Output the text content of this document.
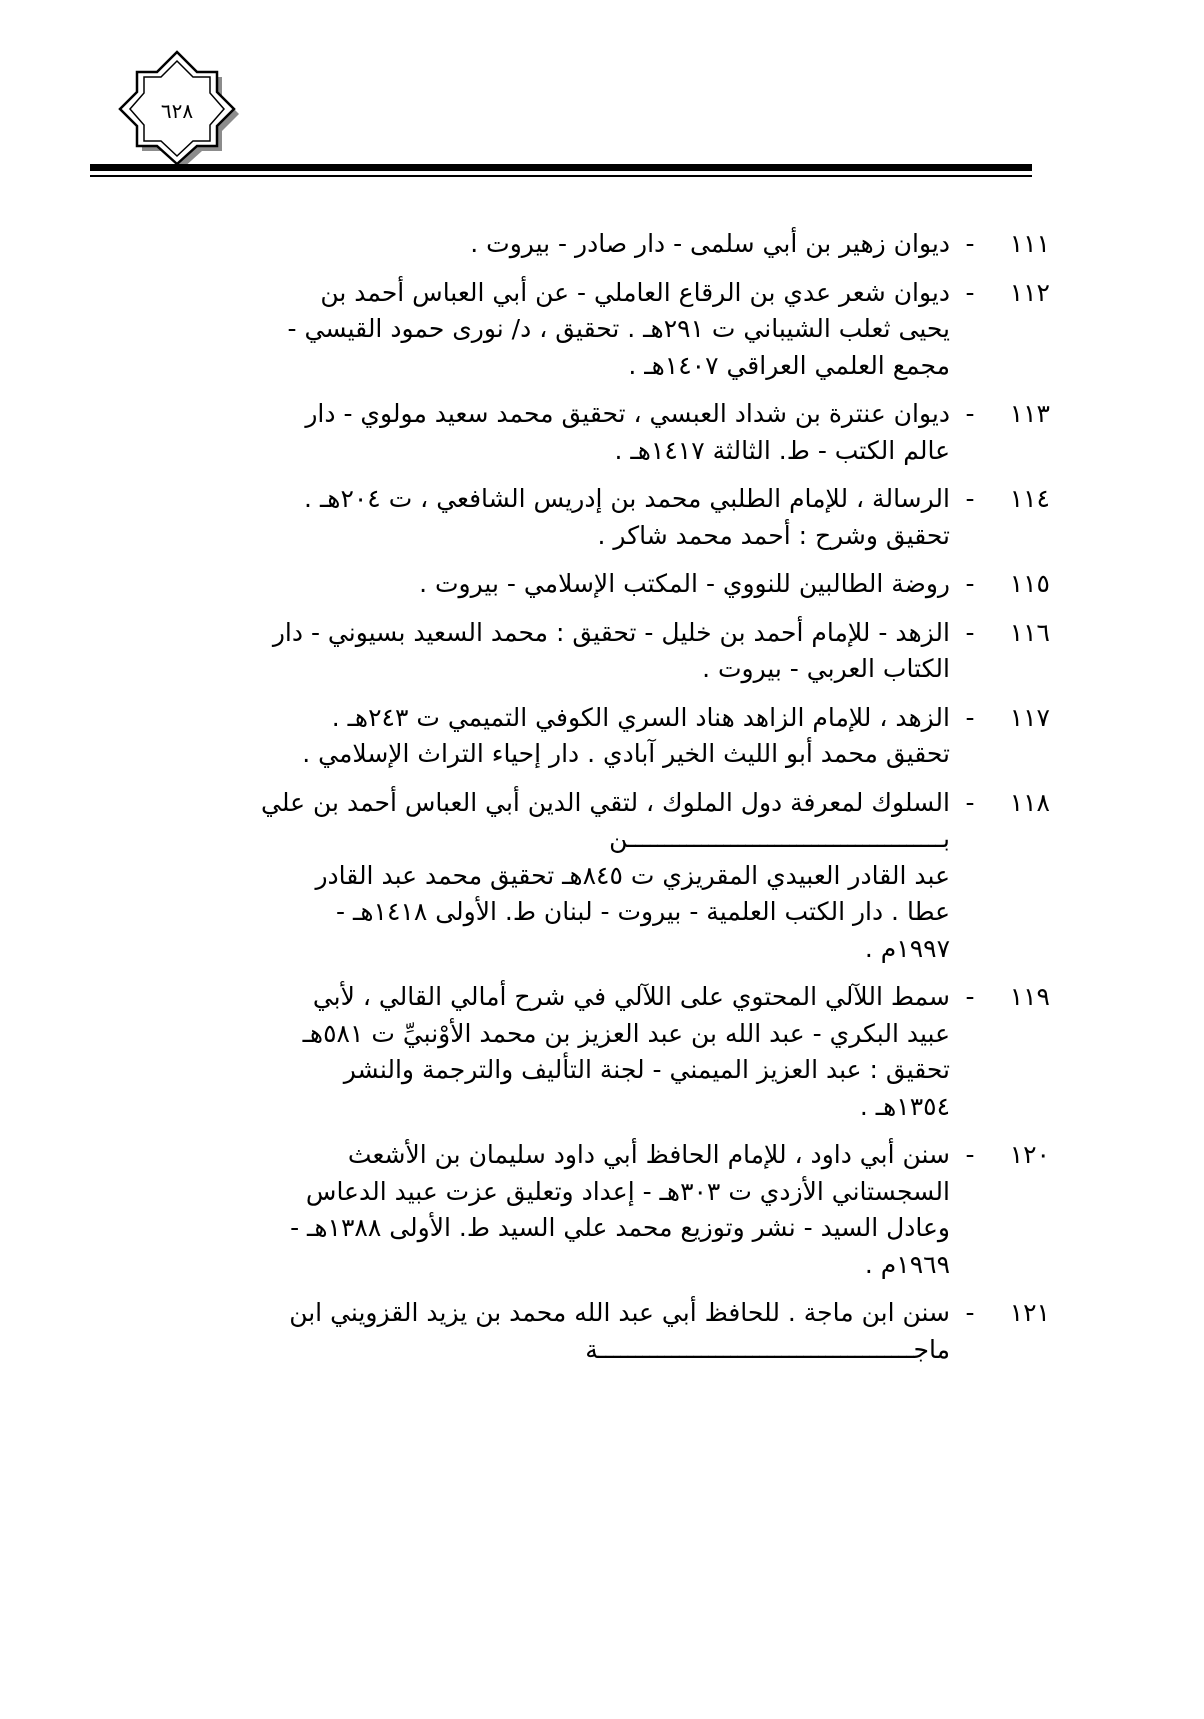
٦٢٨
١١١
-
ديوان زهير بن أبي سلمى - دار صادر - بيروت .
١١٢
-
ديوان شعر عدي بن الرقاع العاملي - عن أبي العباس أحمد بن
يحيى ثعلب الشيباني ت ٢٩١هـ . تحقيق ، د/ نورى حمود القيسي -
مجمع العلمي العراقي ١٤٠٧هـ .
١١٣
-
ديوان عنترة بن شداد العبسي ، تحقيق محمد سعيد مولوي - دار
عالم الكتب - ط. الثالثة ١٤١٧هـ .
١١٤
-
الرسالة ، للإمام الطلبي محمد بن إدريس الشافعي ، ت ٢٠٤هـ .
تحقيق وشرح : أحمد محمد شاكر .
١١٥
-
روضة الطالبين للنووي - المكتب الإسلامي - بيروت .
١١٦
-
الزهد - للإمام أحمد بن خليل - تحقيق : محمد السعيد بسيوني - دار
الكتاب العربي - بيروت .
١١٧
-
الزهد ، للإمام الزاهد هناد السري الكوفي التميمي ت ٢٤٣هـ .
تحقيق محمد أبو الليث الخير آبادي . دار إحياء التراث الإسلامي .
١١٨
-
السلوك لمعرفة دول الملوك ، لتقي الدين أبي العباس أحمد بن علي
بـــــــــــــــــــــــــــــــــــــــــــن
عبد القادر العبيدي المقريزي ت ٨٤٥هـ تحقيق محمد عبد القادر
عطا . دار الكتب العلمية - بيروت - لبنان ط. الأولى ١٤١٨هـ -
١٩٩٧م .
١١٩
-
سمط اللآلي المحتوي على اللآلي في شرح أمالي القالي ، لأبي
عبيد البكري - عبد الله بن عبد العزيز بن محمد الأوْنبيِّ ت ٥٨١هـ
تحقيق : عبد العزيز الميمني - لجنة التأليف والترجمة والنشر
١٣٥٤هـ .
١٢٠
-
سنن أبي داود ، للإمام الحافظ أبي داود سليمان بن الأشعث
السجستاني الأزدي ت ٣٠٣هـ - إعداد وتعليق عزت عبيد الدعاس
وعادل السيد - نشر وتوزيع محمد علي السيد ط. الأولى ١٣٨٨هـ -
١٩٦٩م .
١٢١
-
سنن ابن ماجة . للحافظ أبي عبد الله محمد بن يزيد القزويني ابن
ماجـــــــــــــــــــــــــــــــــــــــــــة
